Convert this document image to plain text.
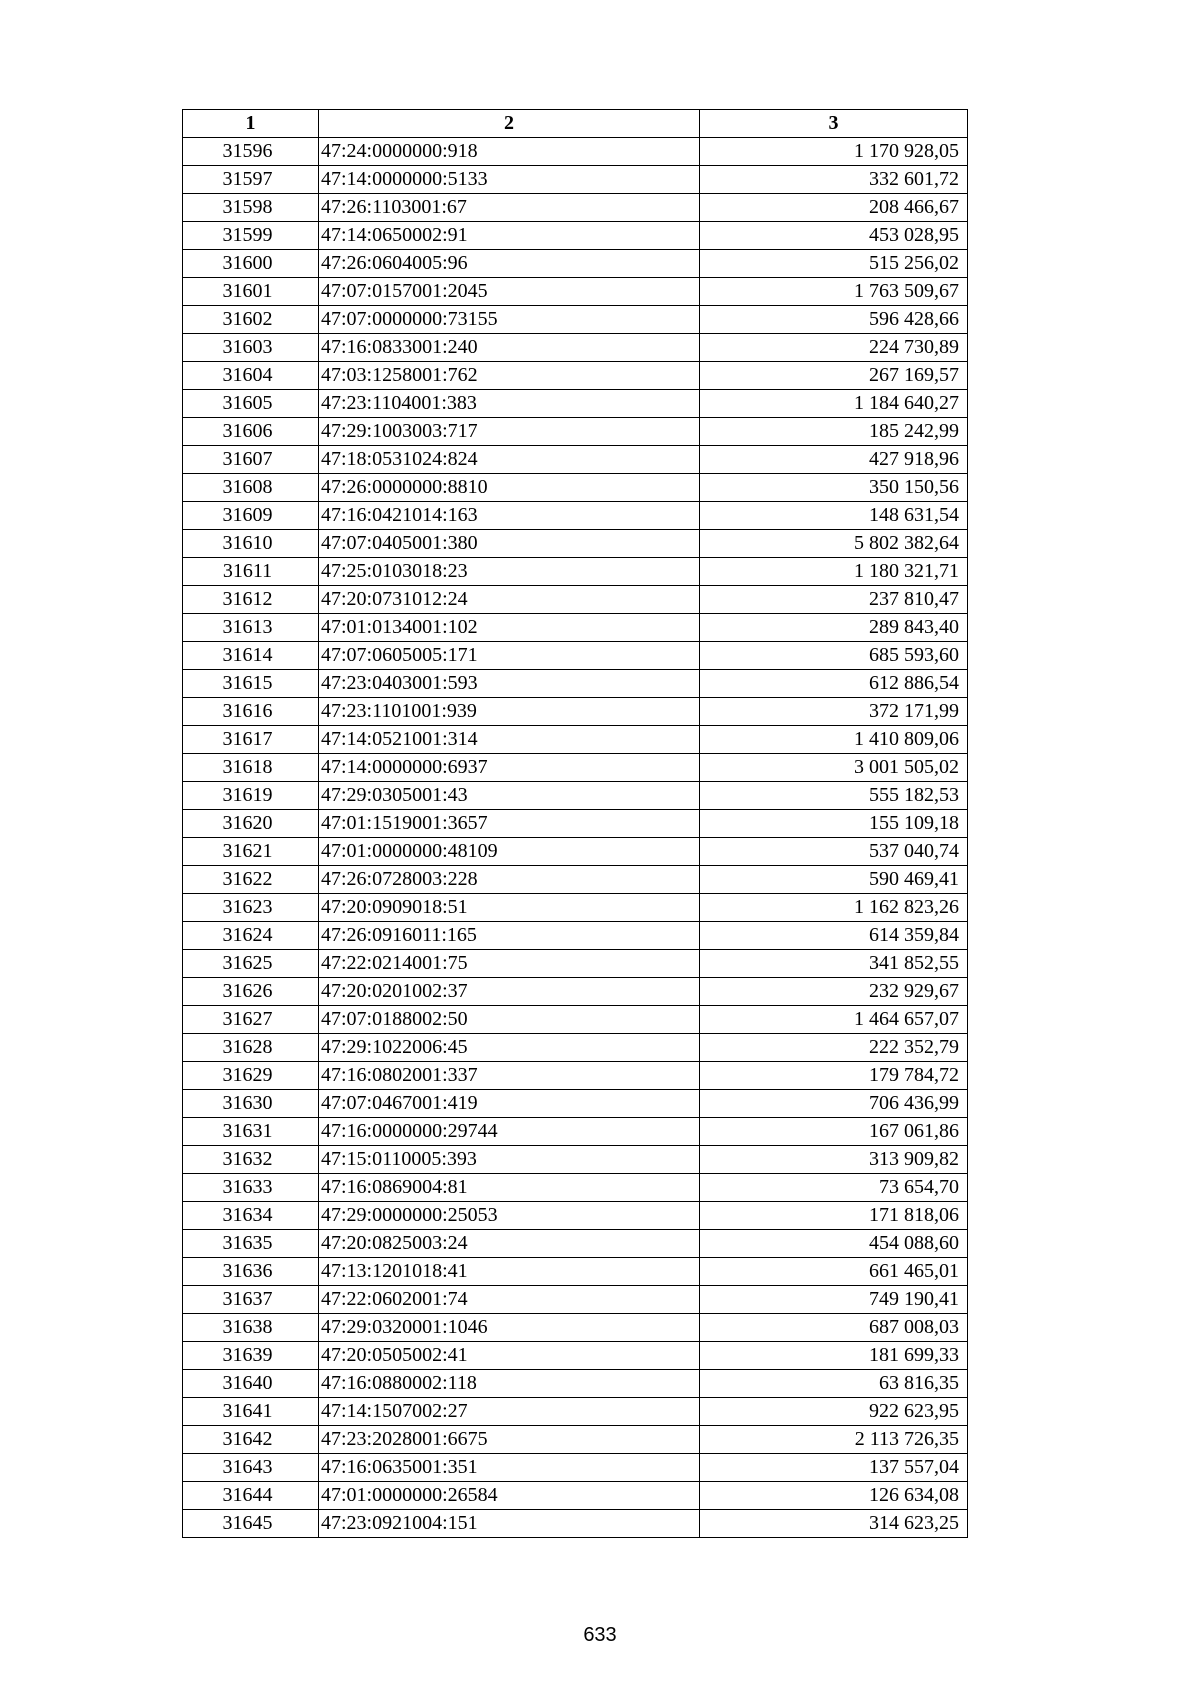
1	2	3
31596	47:24:0000000:918	1 170 928,05
31597	47:14:0000000:5133	332 601,72
31598	47:26:1103001:67	208 466,67
31599	47:14:0650002:91	453 028,95
31600	47:26:0604005:96	515 256,02
31601	47:07:0157001:2045	1 763 509,67
31602	47:07:0000000:73155	596 428,66
31603	47:16:0833001:240	224 730,89
31604	47:03:1258001:762	267 169,57
31605	47:23:1104001:383	1 184 640,27
31606	47:29:1003003:717	185 242,99
31607	47:18:0531024:824	427 918,96
31608	47:26:0000000:8810	350 150,56
31609	47:16:0421014:163	148 631,54
31610	47:07:0405001:380	5 802 382,64
31611	47:25:0103018:23	1 180 321,71
31612	47:20:0731012:24	237 810,47
31613	47:01:0134001:102	289 843,40
31614	47:07:0605005:171	685 593,60
31615	47:23:0403001:593	612 886,54
31616	47:23:1101001:939	372 171,99
31617	47:14:0521001:314	1 410 809,06
31618	47:14:0000000:6937	3 001 505,02
31619	47:29:0305001:43	555 182,53
31620	47:01:1519001:3657	155 109,18
31621	47:01:0000000:48109	537 040,74
31622	47:26:0728003:228	590 469,41
31623	47:20:0909018:51	1 162 823,26
31624	47:26:0916011:165	614 359,84
31625	47:22:0214001:75	341 852,55
31626	47:20:0201002:37	232 929,67
31627	47:07:0188002:50	1 464 657,07
31628	47:29:1022006:45	222 352,79
31629	47:16:0802001:337	179 784,72
31630	47:07:0467001:419	706 436,99
31631	47:16:0000000:29744	167 061,86
31632	47:15:0110005:393	313 909,82
31633	47:16:0869004:81	73 654,70
31634	47:29:0000000:25053	171 818,06
31635	47:20:0825003:24	454 088,60
31636	47:13:1201018:41	661 465,01
31637	47:22:0602001:74	749 190,41
31638	47:29:0320001:1046	687 008,03
31639	47:20:0505002:41	181 699,33
31640	47:16:0880002:118	63 816,35
31641	47:14:1507002:27	922 623,95
31642	47:23:2028001:6675	2 113 726,35
31643	47:16:0635001:351	137 557,04
31644	47:01:0000000:26584	126 634,08
31645	47:23:0921004:151	314 623,25
633
